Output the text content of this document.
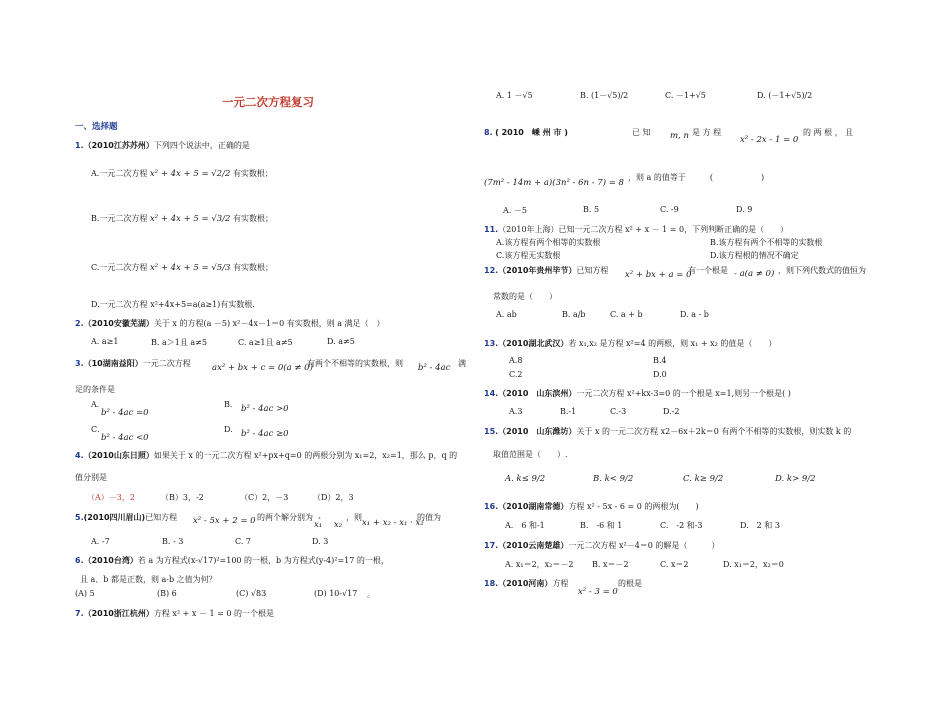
一元二次方程复习
一、选择题
1.（2010江苏苏州）下列四个说法中，正确的是
A.一元二次方程 x² + 4x + 5 = √2/2 有实数根；
B.一元二次方程 x² + 4x + 5 = √3/2 有实数根；
C.一元二次方程 x² + 4x + 5 = √5/3 有实数根；
D.一元二次方程 x²+4x+5=a(a≥1)有实数根.
2.（2010安徽芜湖）关于 x 的方程(a －5) x²－4x－1＝0 有实数根，则 a 满足（　）
A. a≥1	B. a＞1且 a≠5	C. a≥1且 a≠5	D. a≠5
3.（10湖南益阳）一元二次方程	ax² + bx + c = 0(a ≠ 0)
有两个不相等的实数根，则 b² - 4ac 满
足的条件是
A．
b² - 4ac =0
B． b² - 4ac >0
C．
b² - 4ac <0
D． b² - 4ac ≥0
4.（2010山东日照）如果关于 x 的一元二次方程 x²+px+q=0 的两根分别为 x₁=2，x₂=1，那么 p，q 的
值分别是
（A）－3，2	（B）3，-2	（C）2，－3	（D）2，3
5.(2010四川眉山)已知方程 x² - 5x + 2 = 0 的两个解分别为
x₁
、
x₂
，则
x₁ + x₂ - x₁ · x₂
的值为
A. -7	B. - 3	C. 7	D. 3
6.（2010台湾）若 a 为方程式(x-√17)²=100 的一根，b 为方程式(y-4)²=17 的一根，
且 a、b 都是正数，则 a-b 之值为何？
(A) 5	(B) 6	(C) √83	(D) 10-√17 。
7.（2010浙江杭州）方程 x² + x － 1 = 0 的一个根是
A. 1 －√5	B. (1－√5)/2	C. －1+√5	D. (－1+√5)/2
8. ( 2010　嵊 州 市 )	已 知 m, n 是 方 程
x² - 2x - 1 = 0
的 两 根 ， 且
(7m² - 14m + a)(3n² - 6n - 7) = 8
，则 a 的值等于　　　(　　　　　　)
A. －5	B. 5	C. -9	D. 9
11.（2010年上海）已知一元二次方程 x² + x － 1 = 0，下列判断正确的是（　　）
A.该方程有两个相等的实数根	B.该方程有两个不相等的实数根
C.该方程无实数根	D.该方程根的情况不确定
12.（2010年贵州毕节）已知方程 x² + bx + a = 0
有一个根是 - a(a ≠ 0) ，则下列代数式的值恒为
常数的是（　　）
A. ab	B. a/b	C. a + b	D. a - b
13.（2010湖北武汉）若 x₁,x₂ 是方程 x²=4 的两根，则 x₁ + x₂ 的值是（　　）
A.8	B.4
C.2	D.0
14.（2010　山东滨州）一元二次方程 x²+kx-3=0 的一个根是 x=1,则另一个根是( )
A.3	B.-1	C.-3	D.-2
15.（2010　山东潍坊）关于 x 的一元二次方程 x2－6x＋2k＝0 有两个不相等的实数根，则实数 k 的
取值范围是（　　）.
A. k≤ 9/2	B. k< 9/2	C. k≥ 9/2	D. k> 9/2
16.（2010湖南常德）方程 x² - 5x - 6 = 0 的两根为(　　)
A.　6 和-1	B.　-6 和 1	C.　-2 和-3	D.　2 和 3
17.（2010云南楚雄）一元二次方程 x²－4＝0 的解是（　　　）
A. x₁＝2，x₂＝－2 B. x＝－2	C. x＝2	D. x₁＝2，x₂＝0
18.（2010河南）方程
x² - 3 = 0
的根是
